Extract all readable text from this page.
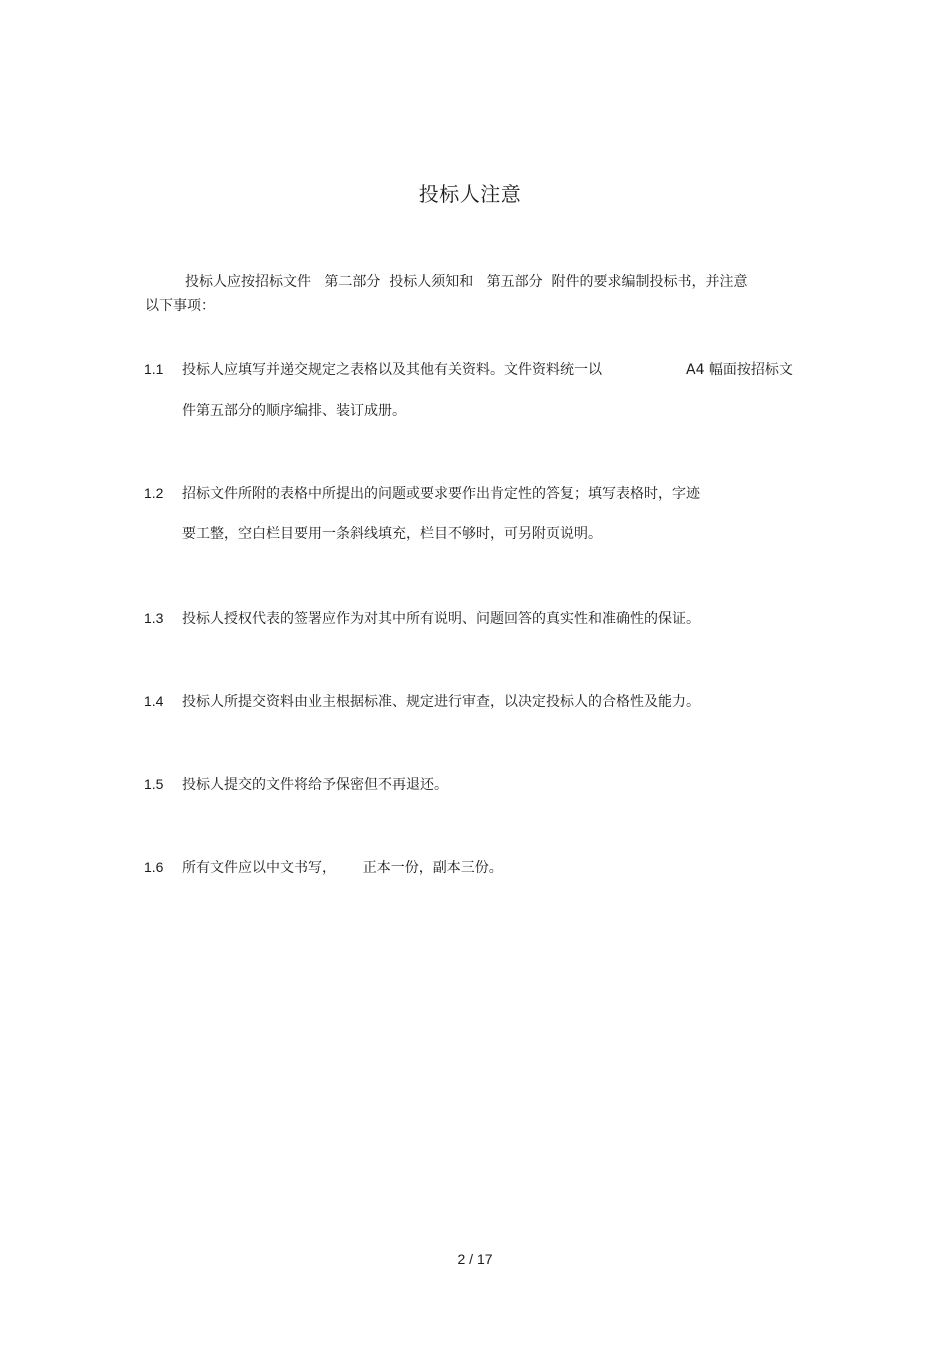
投标人注意
投标人应按招标文件   第二部分  投标人须知和   第五部分  附件的要求编制投标书，并注意
以下事项：
1.1 投标人应填写并递交规定之表格以及其他有关资料。文件资料统一以	A4 幅面按招标文
件第五部分的顺序编排、装订成册。
1.2 招标文件所附的表格中所提出的问题或要求要作出肯定性的答复；填写表格时，字迹
要工整，空白栏目要用一条斜线填充，栏目不够时，可另附页说明。
1.3 投标人授权代表的签署应作为对其中所有说明、问题回答的真实性和准确性的保证。
1.4 投标人所提交资料由业主根据标准、规定进行审查，以决定投标人的合格性及能力。
1.5 投标人提交的文件将给予保密但不再退还。
1.6 所有文件应以中文书写，      正本一份，副本三份。
2 / 17
